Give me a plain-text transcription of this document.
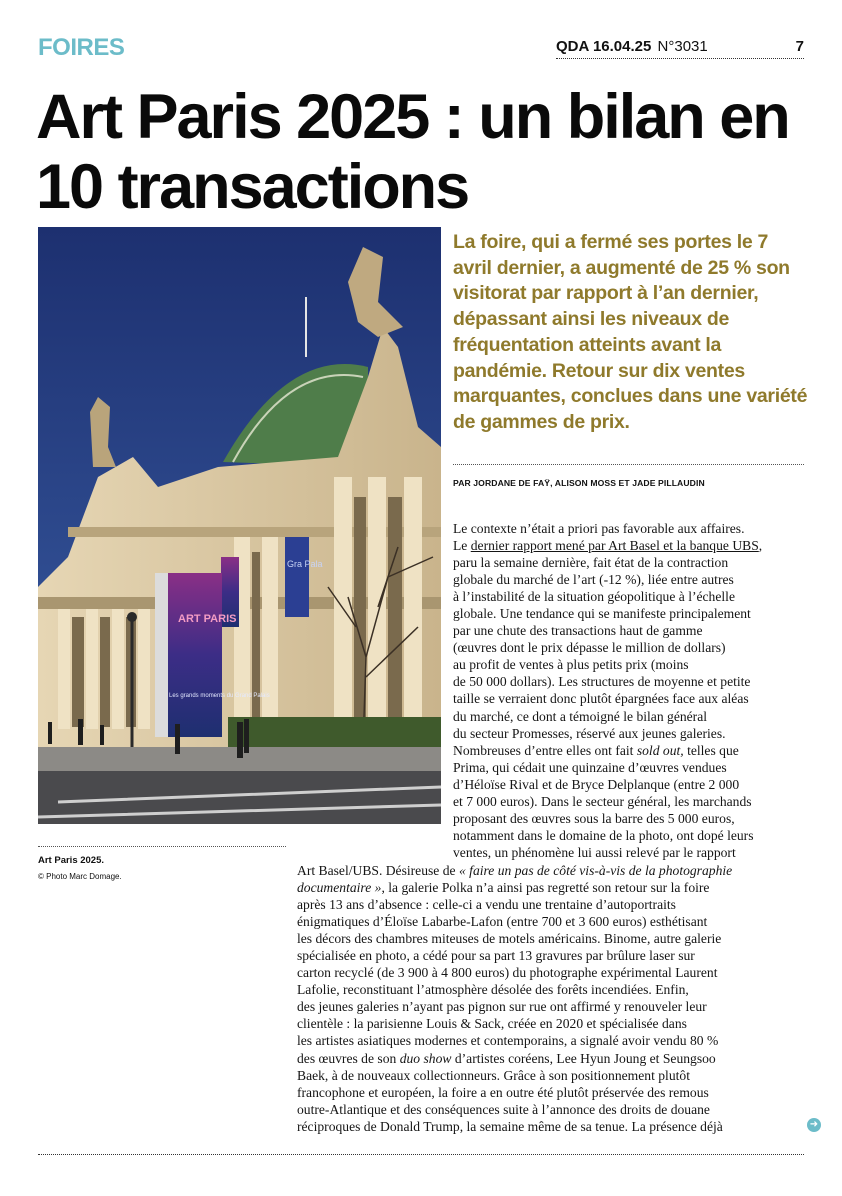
FOIRES	QDA 16.04.25 N°3031	7
Art Paris 2025 : un bilan en 10 transactions
Gra Pala
ART PARIS
Les grands moments du Grand Palais
Art Paris 2025.
© Photo Marc Domage.

La foire, qui a fermé ses portes le 7 avril dernier, a augmenté de 25 % son visitorat par rapport à l’an dernier, dépassant ainsi les niveaux de fréquentation atteints avant la pandémie. Retour sur dix ventes marquantes, conclues dans une variété de gammes de prix.

PAR JORDANE DE FAŸ, ALISON MOSS ET JADE PILLAUDIN
Le contexte n’était a priori pas favorable aux affaires.
Le dernier rapport mené par Art Basel et la banque UBS,
paru la semaine dernière, fait état de la contraction
globale du marché de l’art (-12 %), liée entre autres
à l’instabilité de la situation géopolitique à l’échelle
globale. Une tendance qui se manifeste principalement
par une chute des transactions haut de gamme
(œuvres dont le prix dépasse le million de dollars)
au profit de ventes à plus petits prix (moins
de 50 000 dollars). Les structures de moyenne et petite
taille se verraient donc plutôt épargnées face aux aléas
du marché, ce dont a témoigné le bilan général
du secteur Promesses, réservé aux jeunes galeries.
Nombreuses d’entre elles ont fait sold out, telles que
Prima, qui cédait une quinzaine d’œuvres vendues
d’Héloïse Rival et de Bryce Delplanque (entre 2 000
et 7 000 euros). Dans le secteur général, les marchands
proposant des œuvres sous la barre des 5 000 euros,
notamment dans le domaine de la photo, ont dopé leurs
ventes, un phénomène lui aussi relevé par le rapport
Art Basel/UBS. Désireuse de « faire un pas de côté vis-à-vis de la photographie
documentaire », la galerie Polka n’a ainsi pas regretté son retour sur la foire
après 13 ans d’absence : celle-ci a vendu une trentaine d’autoportraits
énigmatiques d’Éloïse Labarbe-Lafon (entre 700 et 3 600 euros) esthétisant
les décors des chambres miteuses de motels américains. Binome, autre galerie
spécialisée en photo, a cédé pour sa part 13 gravures par brûlure laser sur
carton recyclé (de 3 900 à 4 800 euros) du photographe expérimental Laurent
Lafolie, reconstituant l’atmosphère désolée des forêts incendiées. Enfin,
des jeunes galeries n’ayant pas pignon sur rue ont affirmé y renouveler leur
clientèle : la parisienne Louis & Sack, créée en 2020 et spécialisée dans
les artistes asiatiques modernes et contemporains, a signalé avoir vendu 80 %
des œuvres de son duo show d’artistes coréens, Lee Hyun Joung et Seungsoo
Baek, à de nouveaux collectionneurs. Grâce à son positionnement plutôt
francophone et européen, la foire a en outre été plutôt préservée des remous
outre-Atlantique et des conséquences suite à l’annonce des droits de douane
réciproques de Donald Trump, la semaine même de sa tenue. La présence déjà	➜
